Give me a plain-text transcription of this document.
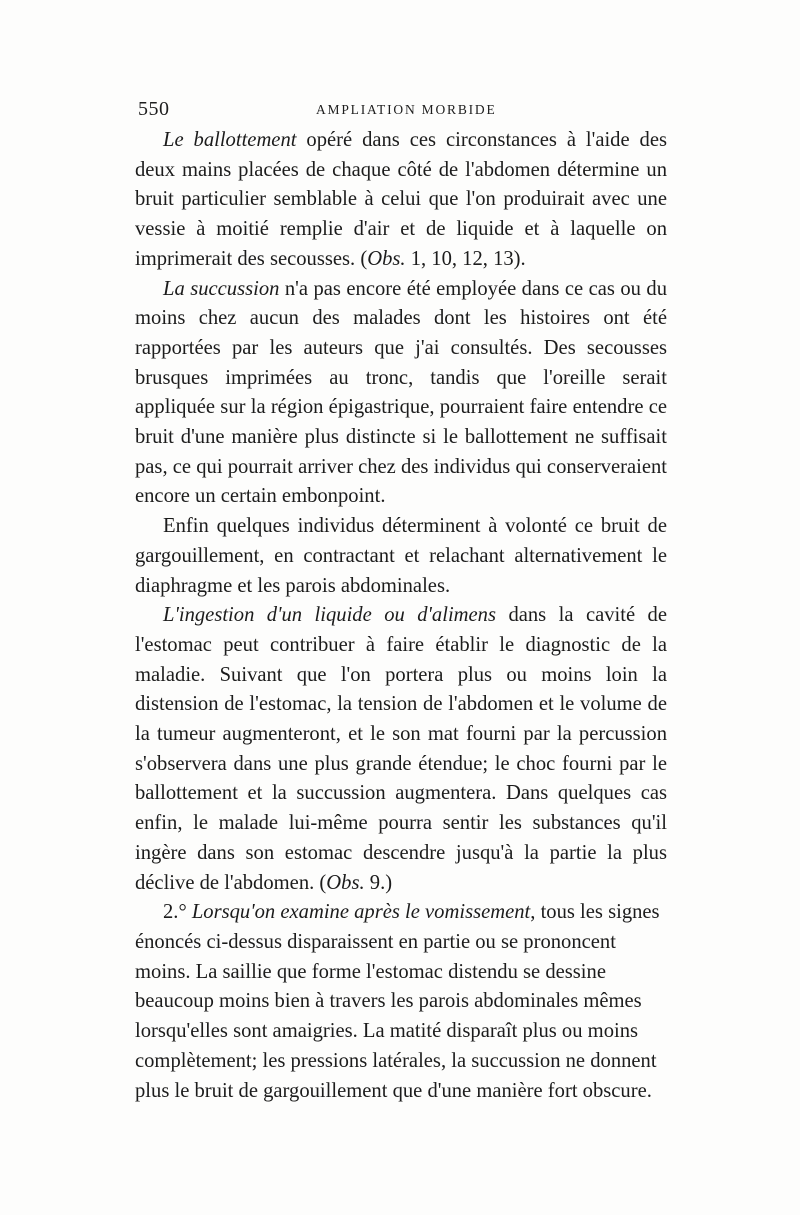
550	AMPLIATION MORBIDE

Le ballottement opéré dans ces circonstances à l'aide des deux mains placées de chaque côté de l'abdomen détermine un bruit particulier semblable à celui que l'on produirait avec une vessie à moitié remplie d'air et de liquide et à laquelle on imprimerait des secousses. (Obs. 1, 10, 12, 13).

La succussion n'a pas encore été employée dans ce cas ou du moins chez aucun des malades dont les histoires ont été rapportées par les auteurs que j'ai consultés. Des secousses brusques imprimées au tronc, tandis que l'oreille serait appliquée sur la région épigastrique, pourraient faire entendre ce bruit d'une manière plus distincte si le ballottement ne suffisait pas, ce qui pourrait arriver chez des individus qui conserveraient encore un certain embonpoint.

Enfin quelques individus déterminent à volonté ce bruit de gargouillement, en contractant et relachant alternativement le diaphragme et les parois abdominales.

L'ingestion d'un liquide ou d'alimens dans la cavité de l'estomac peut contribuer à faire établir le diagnostic de la maladie. Suivant que l'on portera plus ou moins loin la distension de l'estomac, la tension de l'abdomen et le volume de la tumeur augmenteront, et le son mat fourni par la percussion s'observera dans une plus grande étendue; le choc fourni par le ballottement et la succussion augmentera. Dans quelques cas enfin, le malade lui-même pourra sentir les substances qu'il ingère dans son estomac descendre jusqu'à la partie la plus déclive de l'abdomen. (Obs. 9.)

2.° Lorsqu'on examine après le vomissement, tous les signes énoncés ci-dessus disparaissent en partie ou se prononcent moins. La saillie que forme l'estomac distendu se dessine beaucoup moins bien à travers les parois abdominales mêmes lorsqu'elles sont amaigries. La matité disparaît plus ou moins complètement; les pressions latérales, la succussion ne donnent plus le bruit de gargouillement que d'une manière fort obscure.
